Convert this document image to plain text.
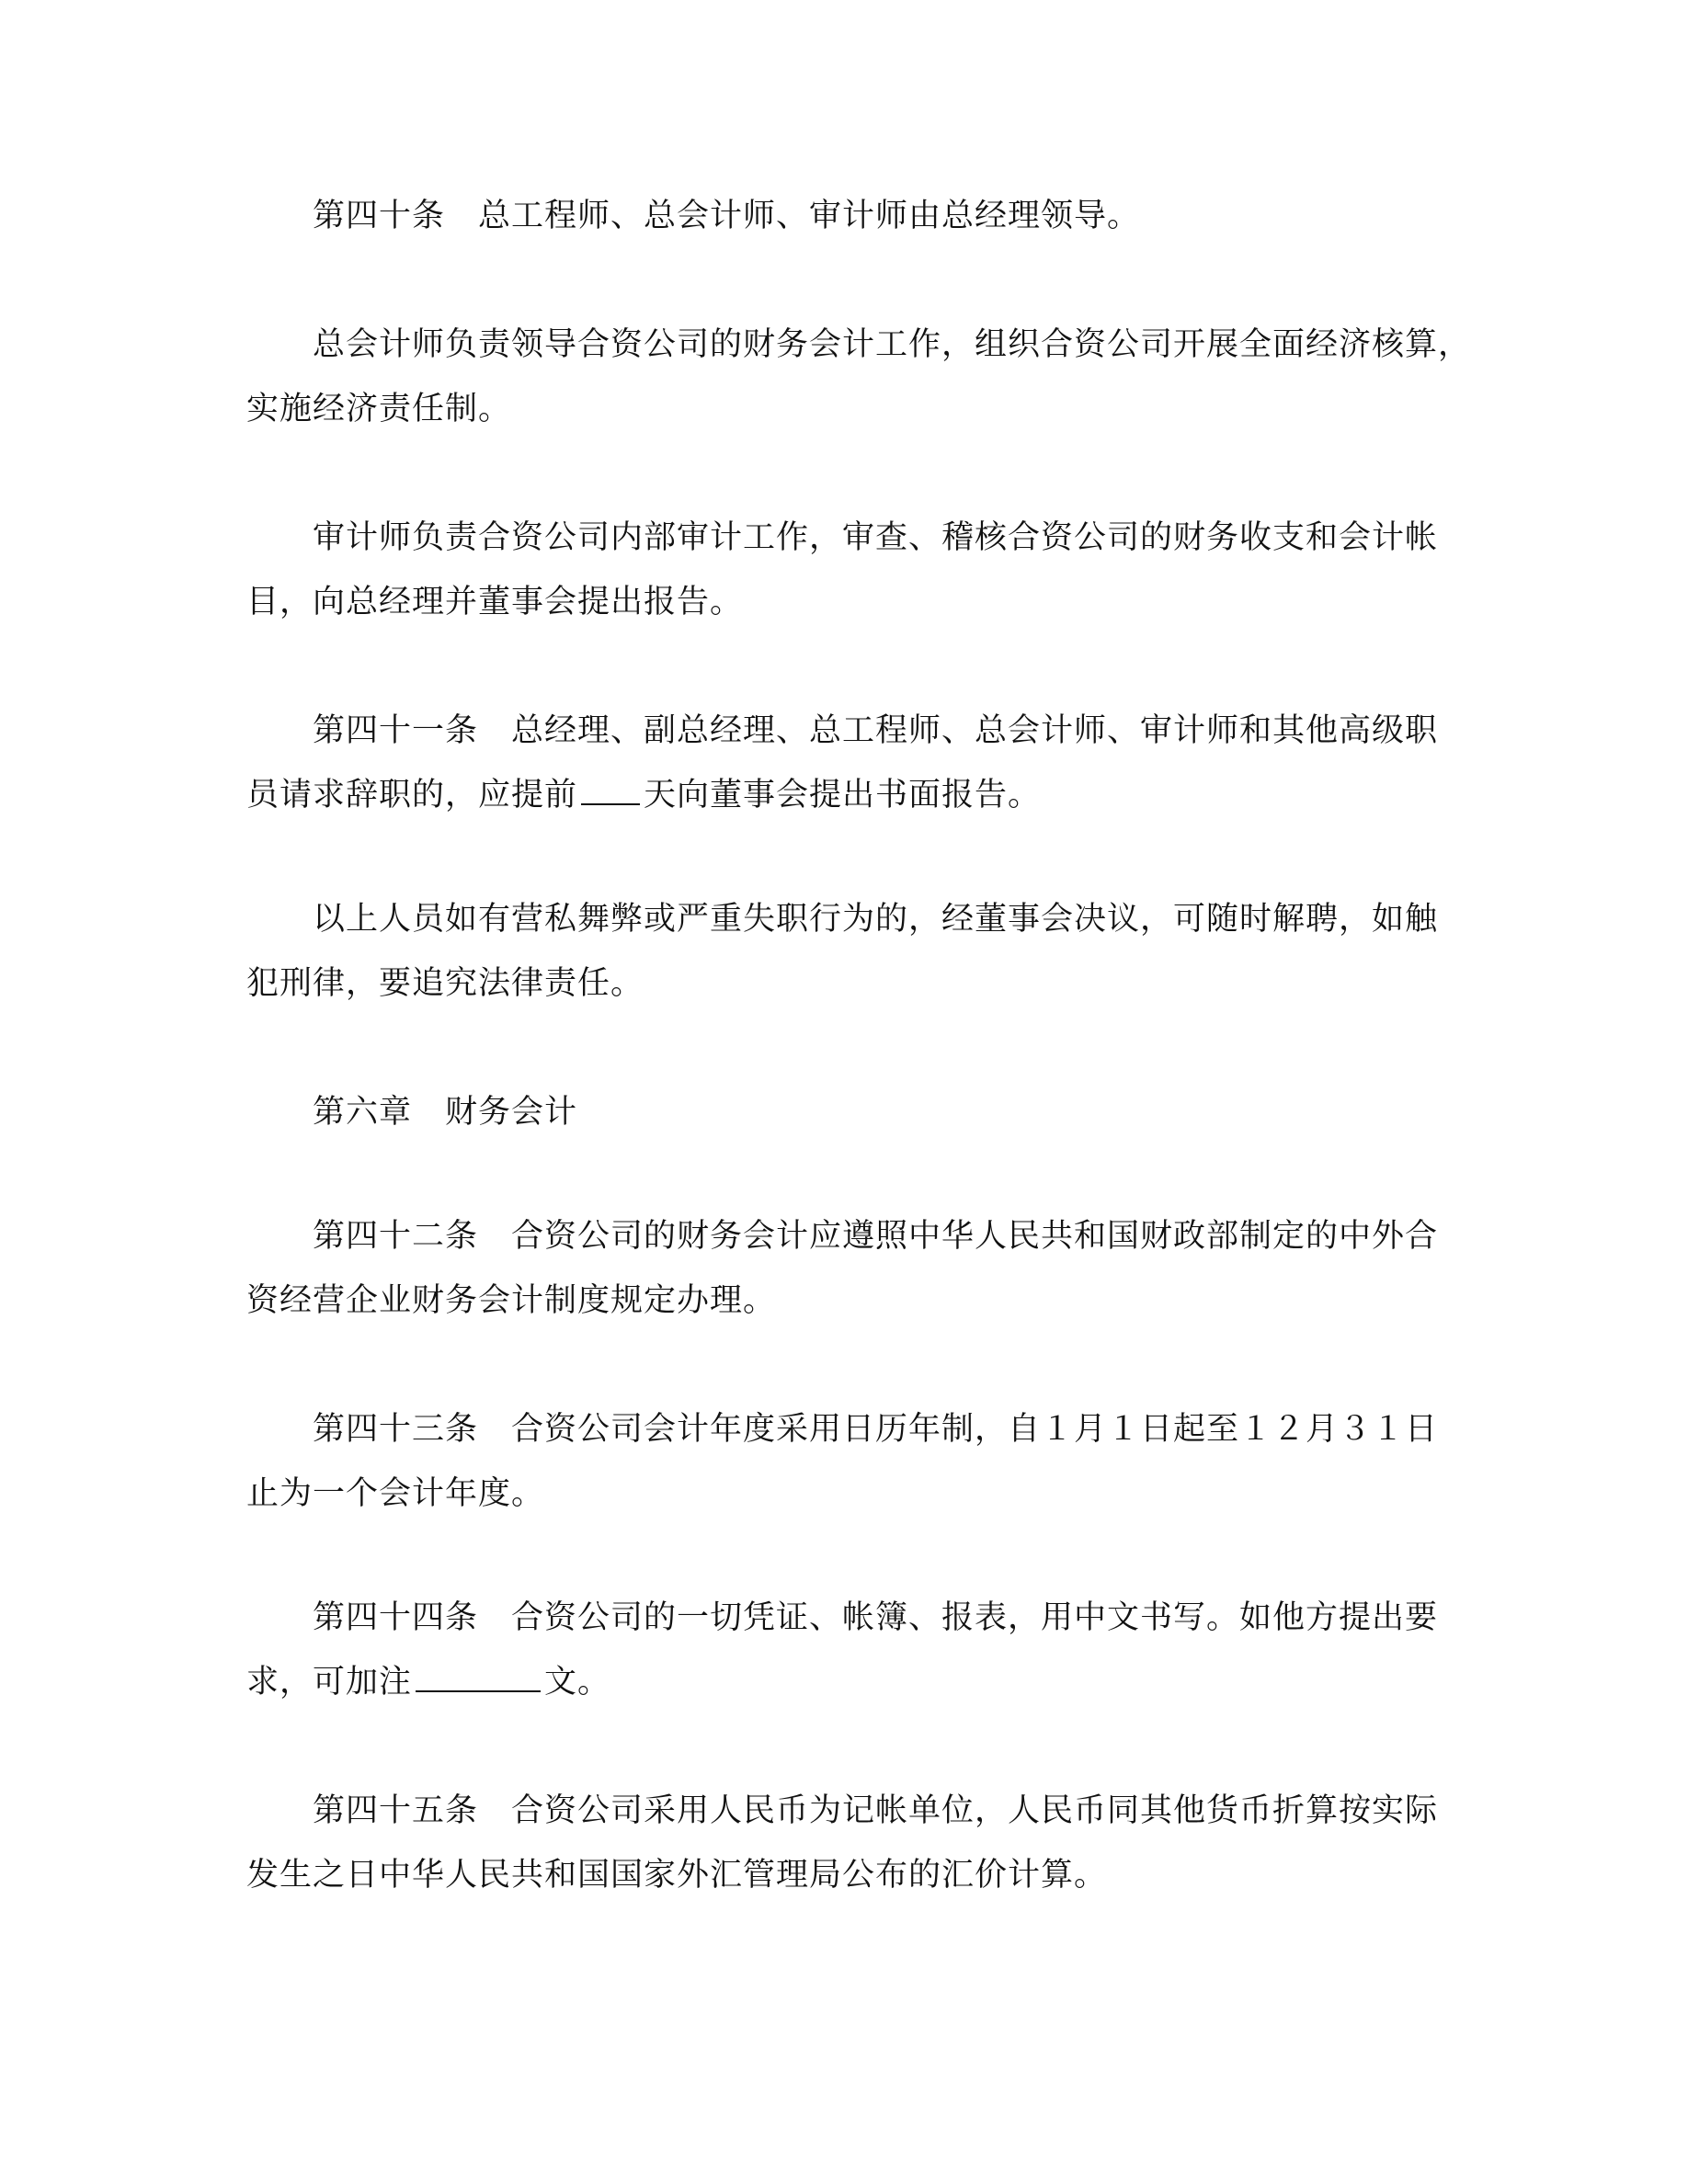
第四十条 总工程师、总会计师、审计师由总经理领导。

总会计师负责领导合资公司的财务会计工作，组织合资公司开展全面经济核算，
实施经济责任制。

审计师负责合资公司内部审计工作，审查、稽核合资公司的财务收支和会计帐
目，向总经理并董事会提出报告。

第四十一条 总经理、副总经理、总工程师、总会计师、审计师和其他高级职
员请求辞职的，应提前 天向董事会提出书面报告。

以上人员如有营私舞弊或严重失职行为的，经董事会决议，可随时解聘，如触
犯刑律，要追究法律责任。

第六章 财务会计

第四十二条 合资公司的财务会计应遵照中华人民共和国财政部制定的中外合
资经营企业财务会计制度规定办理。

第四十三条 合资公司会计年度采用日历年制，自１月１日起至１２月３１日
止为一个会计年度。

第四十四条 合资公司的一切凭证、帐簿、报表，用中文书写。如他方提出要
求，可加注	文。

第四十五条 合资公司采用人民币为记帐单位，人民币同其他货币折算按实际
发生之日中华人民共和国国家外汇管理局公布的汇价计算。
